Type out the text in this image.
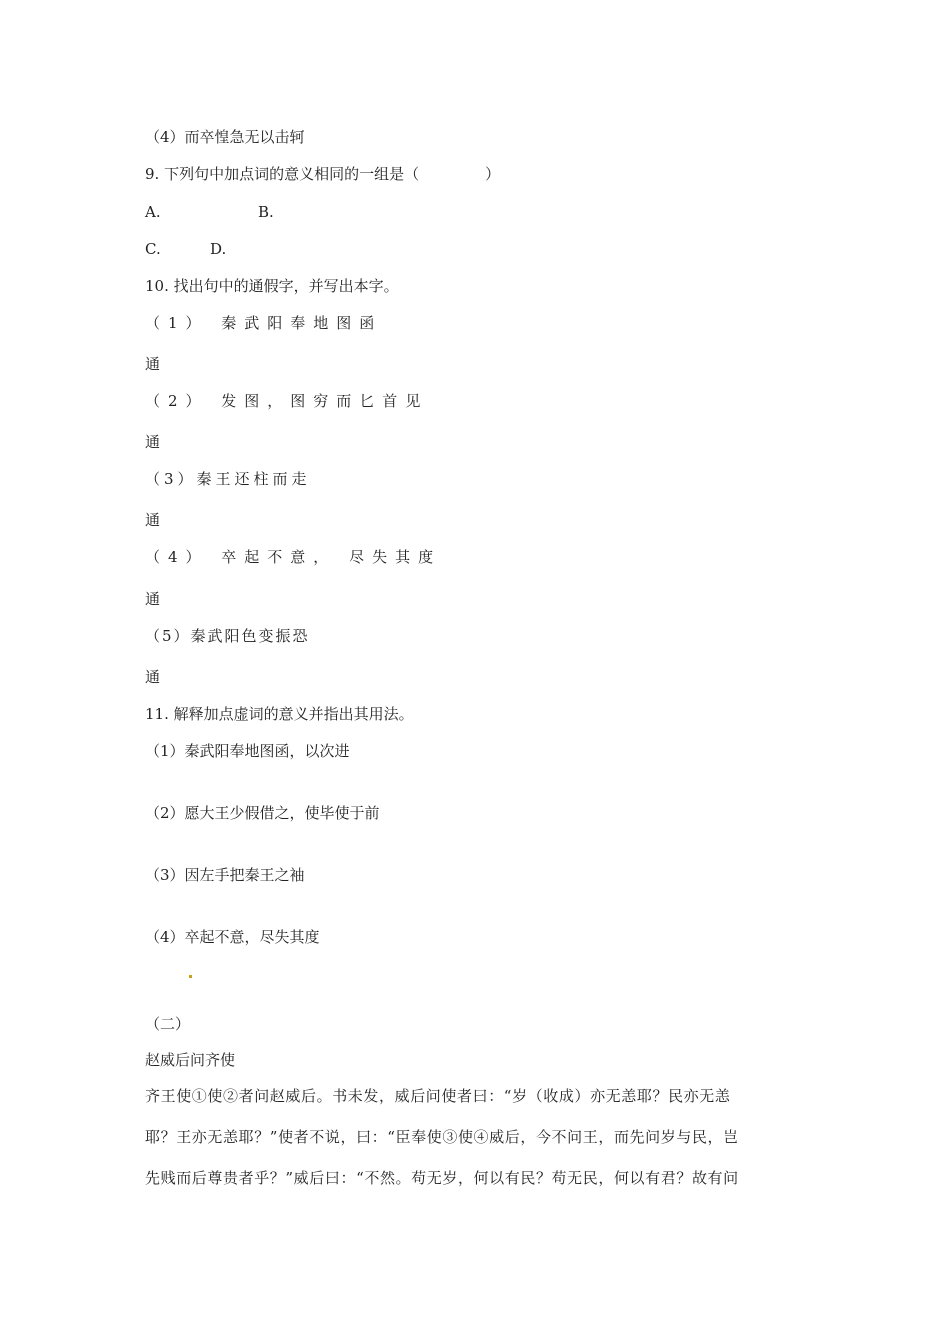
（4）而卒惶急无以击轲
9. 下列句中加点词的意义相同的一组是（	）
A.	B.
C.	D.
10. 找出句中的通假字，并写出本字。
（1） 秦武阳奉地图函
通
（2） 发图，图穷而匕首见
通
（3）秦王还柱而走
通
（4） 卒起不意， 尽失其度
通
（5）秦武阳色变振恐
通
11. 解释加点虚词的意义并指出其用法。
（1）秦武阳奉地图函，以次进
（2）愿大王少假借之，使毕使于前
（3）因左手把秦王之袖
（4）卒起不意，尽失其度
（二）
赵威后问齐使
齐王使①使②者问赵威后。书未发，威后问使者曰：“岁（收成）亦无恙耶？民亦无恙
耶？王亦无恙耶？”使者不说，曰：“臣奉使③使④威后，今不问王，而先问岁与民，岂
先贱而后尊贵者乎？”威后曰：“不然。苟无岁，何以有民？苟无民，何以有君？故有问
